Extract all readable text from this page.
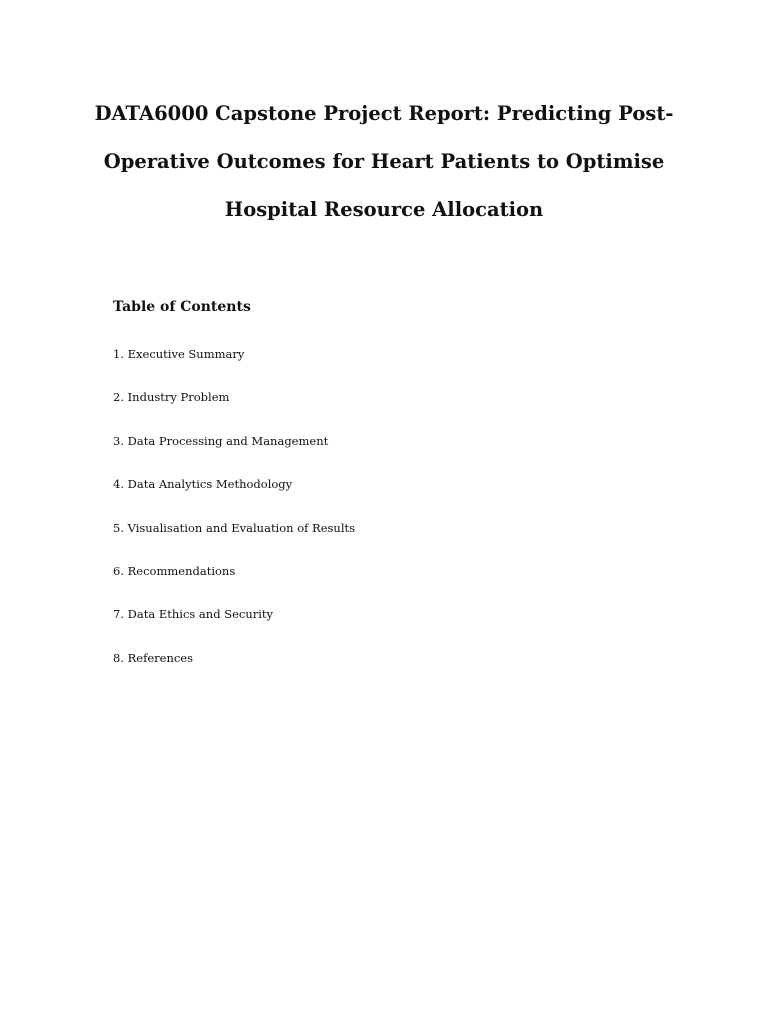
DATA6000 Capstone Project Report: Predicting Post-
Operative Outcomes for Heart Patients to Optimise
Hospital Resource Allocation
Table of Contents
1. Executive Summary
2. Industry Problem
3. Data Processing and Management
4. Data Analytics Methodology
5. Visualisation and Evaluation of Results
6. Recommendations
7. Data Ethics and Security
8. References
